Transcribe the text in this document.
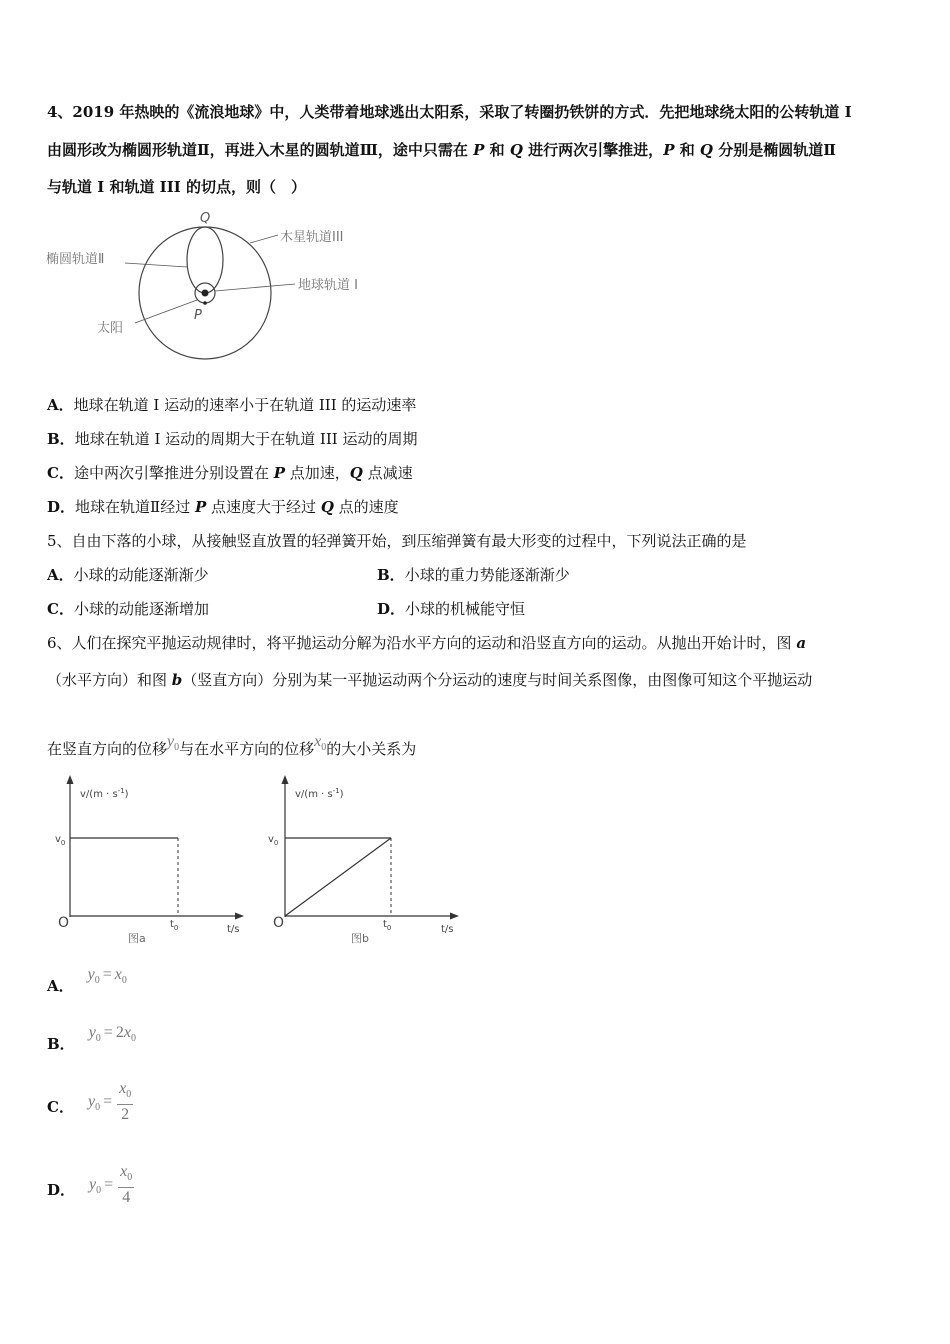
4、2019 年热映的《流浪地球》中，人类带着地球逃出太阳系，采取了转圈扔铁饼的方式．先把地球绕太阳的公转轨道 I
由圆形改为椭圆形轨道Ⅱ，再进入木星的圆轨道Ⅲ，途中只需在 P 和 Q 进行两次引擎推进，P 和 Q 分别是椭圆轨道Ⅱ
与轨道 I 和轨道 III 的切点，则（　）
Q
P
木星轨道III
椭圆轨道Ⅱ
地球轨道 I
太阳
A．地球在轨道 I 运动的速率小于在轨道 III 的运动速率
B．地球在轨道 I 运动的周期大于在轨道 III 运动的周期
C．途中两次引擎推进分别设置在 P 点加速，Q 点减速
D．地球在轨道Ⅱ经过 P 点速度大于经过 Q 点的速度
5、自由下落的小球，从接触竖直放置的轻弹簧开始，到压缩弹簧有最大形变的过程中，下列说法正确的是
A．小球的动能逐渐渐少	B．小球的重力势能逐渐渐少
C．小球的动能逐渐增加	D．小球的机械能守恒
6、人们在探究平抛运动规律时，将平抛运动分解为沿水平方向的运动和沿竖直方向的运动。从抛出开始计时，图 a
（水平方向）和图 b（竖直方向）分别为某一平抛运动两个分运动的速度与时间关系图像，由图像可知这个平抛运动
在竖直方向的位移$y_0$与在水平方向的位移$x_0$的大小关系为
$v/(m \cdot s^{-1})$
$v_0$
O	$t_0$	t/s
图a
$v/(m \cdot s^{-1})$
$v_0$
O	$t_0$	t/s
图b
A．$y_0 = x_0$
B．$y_0 = 2x_0$
C． $y_0 = \frac{x_0}{2}$
D． $y_0 = \frac{x_0}{4}$
